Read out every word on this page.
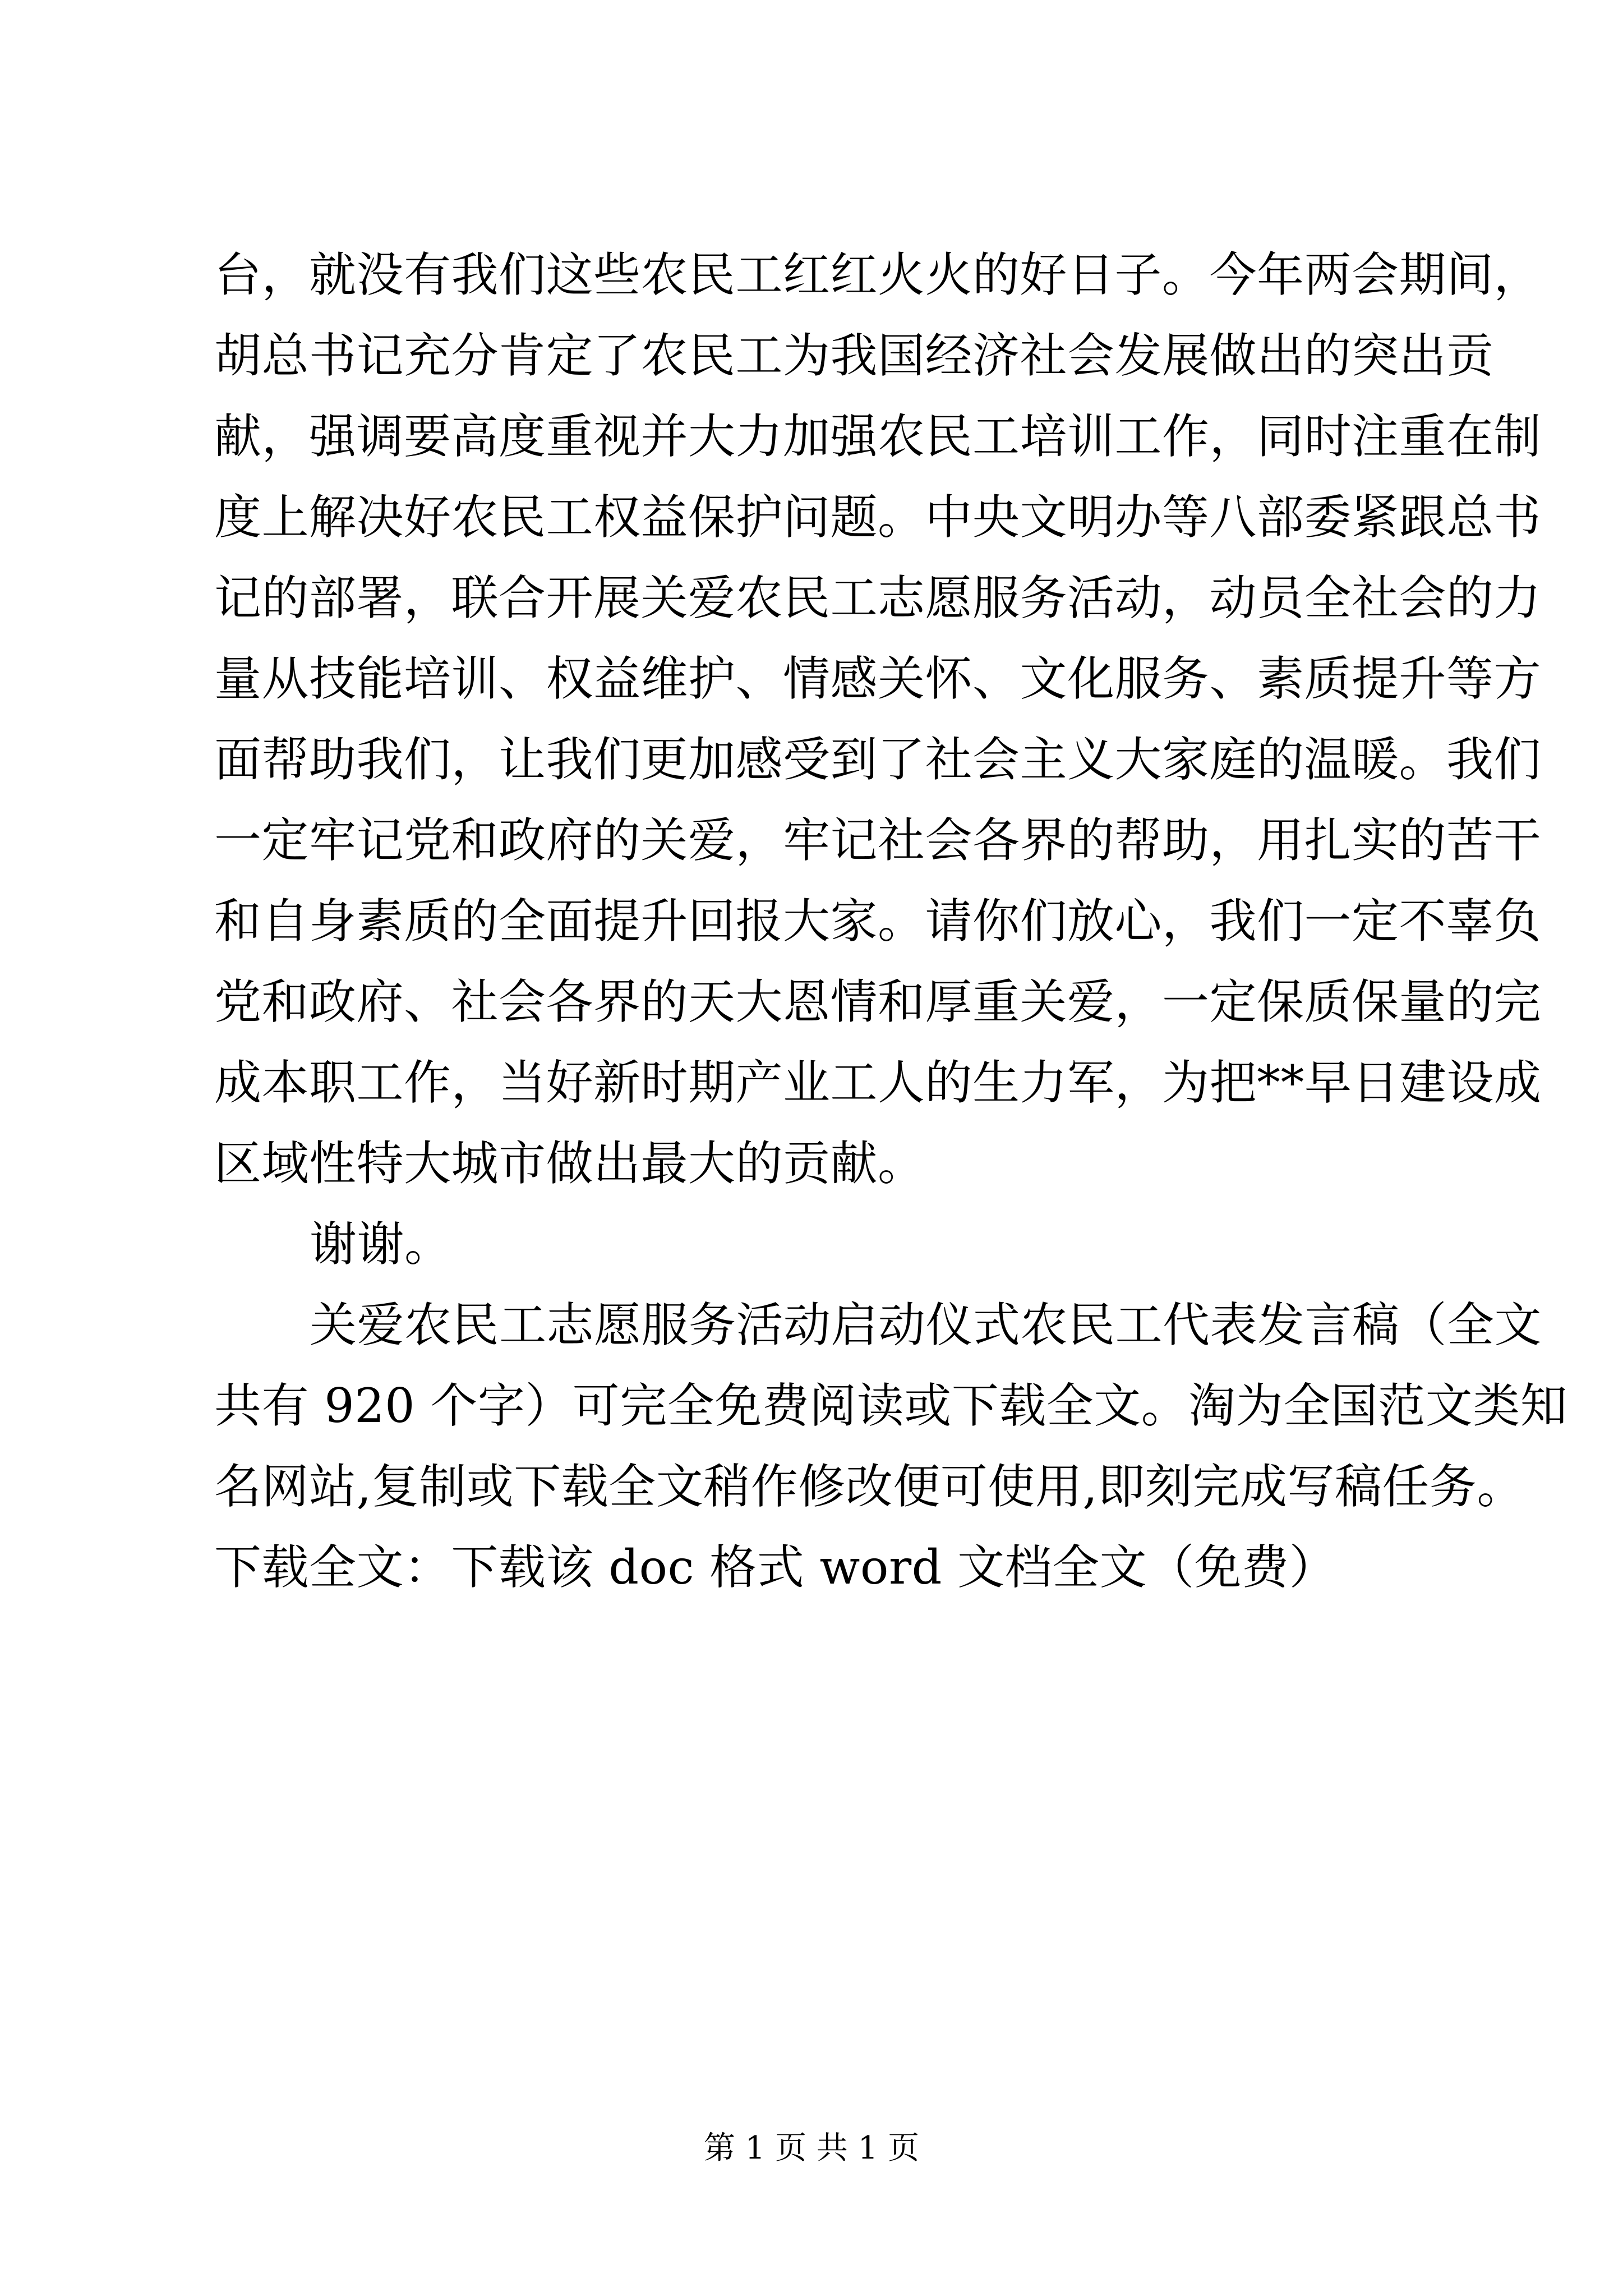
台，就没有我们这些农民工红红火火的好日子。今年两会期间，
胡总书记充分肯定了农民工为我国经济社会发展做出的突出贡
献，强调要高度重视并大力加强农民工培训工作，同时注重在制
度上解决好农民工权益保护问题。中央文明办等八部委紧跟总书
记的部署，联合开展关爱农民工志愿服务活动，动员全社会的力
量从技能培训、权益维护、情感关怀、文化服务、素质提升等方
面帮助我们，让我们更加感受到了社会主义大家庭的温暖。我们
一定牢记党和政府的关爱，牢记社会各界的帮助，用扎实的苦干
和自身素质的全面提升回报大家。请你们放心，我们一定不辜负
党和政府、社会各界的天大恩情和厚重关爱，一定保质保量的完
成本职工作，当好新时期产业工人的生力军，为把**早日建设成
区域性特大城市做出最大的贡献。
谢谢。
关爱农民工志愿服务活动启动仪式农民工代表发言稿（全文
共有 920 个字）可完全免费阅读或下载全文。淘为全国范文类知
名网站,复制或下载全文稍作修改便可使用,即刻完成写稿任务。
下载全文：下载该 doc 格式 word 文档全文（免费）
第 1 页 共 1 页
